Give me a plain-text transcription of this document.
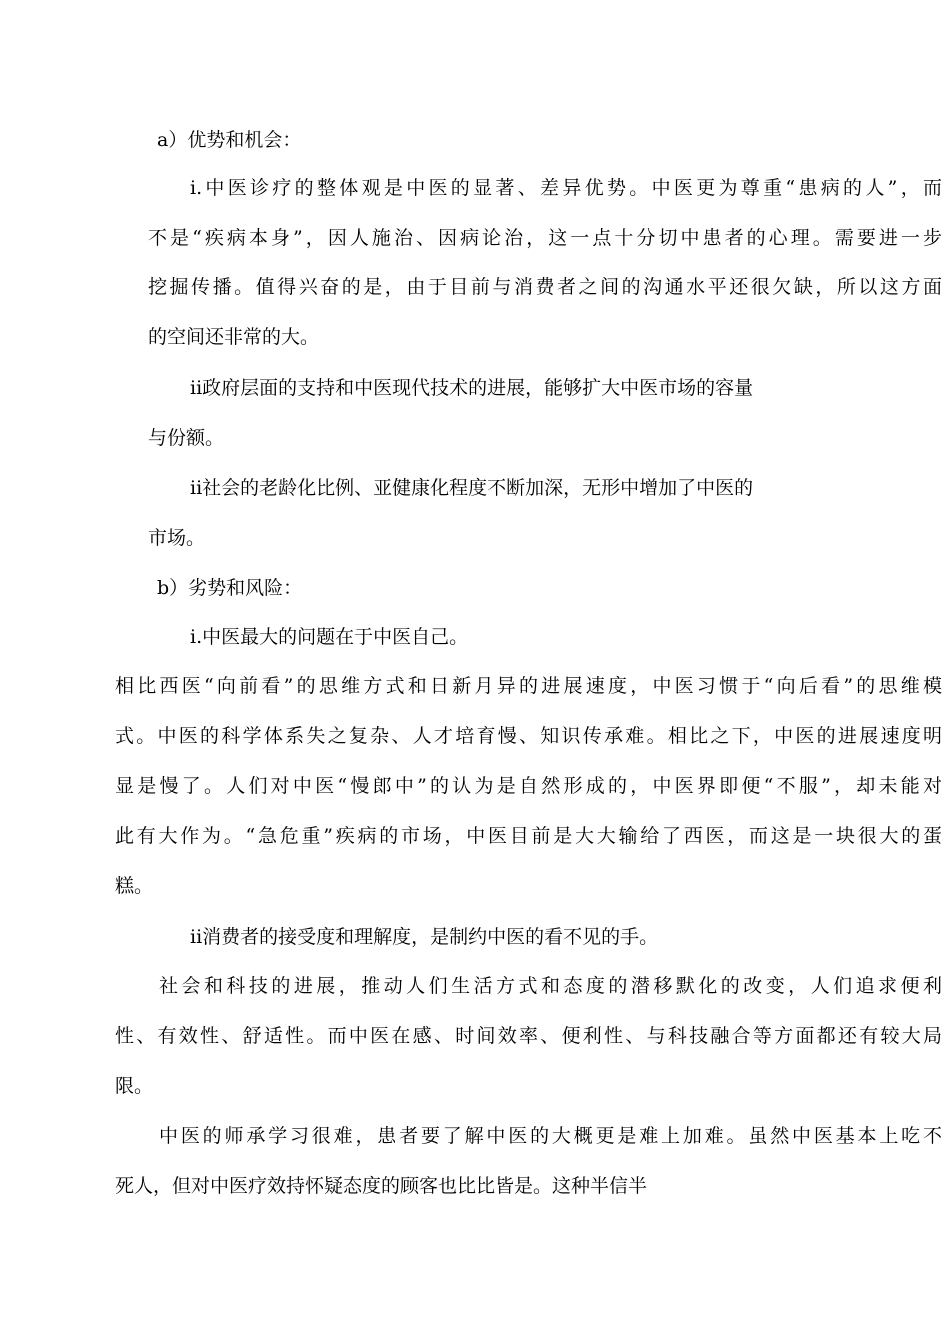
a）优势和机会：
i.中医诊疗的整体观是中医的显著、差异优势。中医更为尊重“患病的人”，而
不是“疾病本身”，因人施治、因病论治，这一点十分切中患者的心理。需要进一步
挖掘传播。值得兴奋的是，由于目前与消费者之间的沟通水平还很欠缺，所以这方面
的空间还非常的大。
ii政府层面的支持和中医现代技术的进展，能够扩大中医市场的容量
与份额。
ii社会的老龄化比例、亚健康化程度不断加深，无形中增加了中医的
市场。
b）劣势和风险：
i.中医最大的问题在于中医自己。
相比西医“向前看”的思维方式和日新月异的进展速度，中医习惯于“向后看”的思维模
式。中医的科学体系失之复杂、人才培育慢、知识传承难。相比之下，中医的进展速度明
显是慢了。人们对中医“慢郎中”的认为是自然形成的，中医界即便“不服”，却未能对
此有大作为。“急危重”疾病的市场，中医目前是大大输给了西医，而这是一块很大的蛋
糕。
ii消费者的接受度和理解度，是制约中医的看不见的手。
社会和科技的进展，推动人们生活方式和态度的潜移默化的改变，人们追求便利
性、有效性、舒适性。而中医在感、时间效率、便利性、与科技融合等方面都还有较大局
限。
中医的师承学习很难，患者要了解中医的大概更是难上加难。虽然中医基本上吃不
死人，但对中医疗效持怀疑态度的顾客也比比皆是。这种半信半
